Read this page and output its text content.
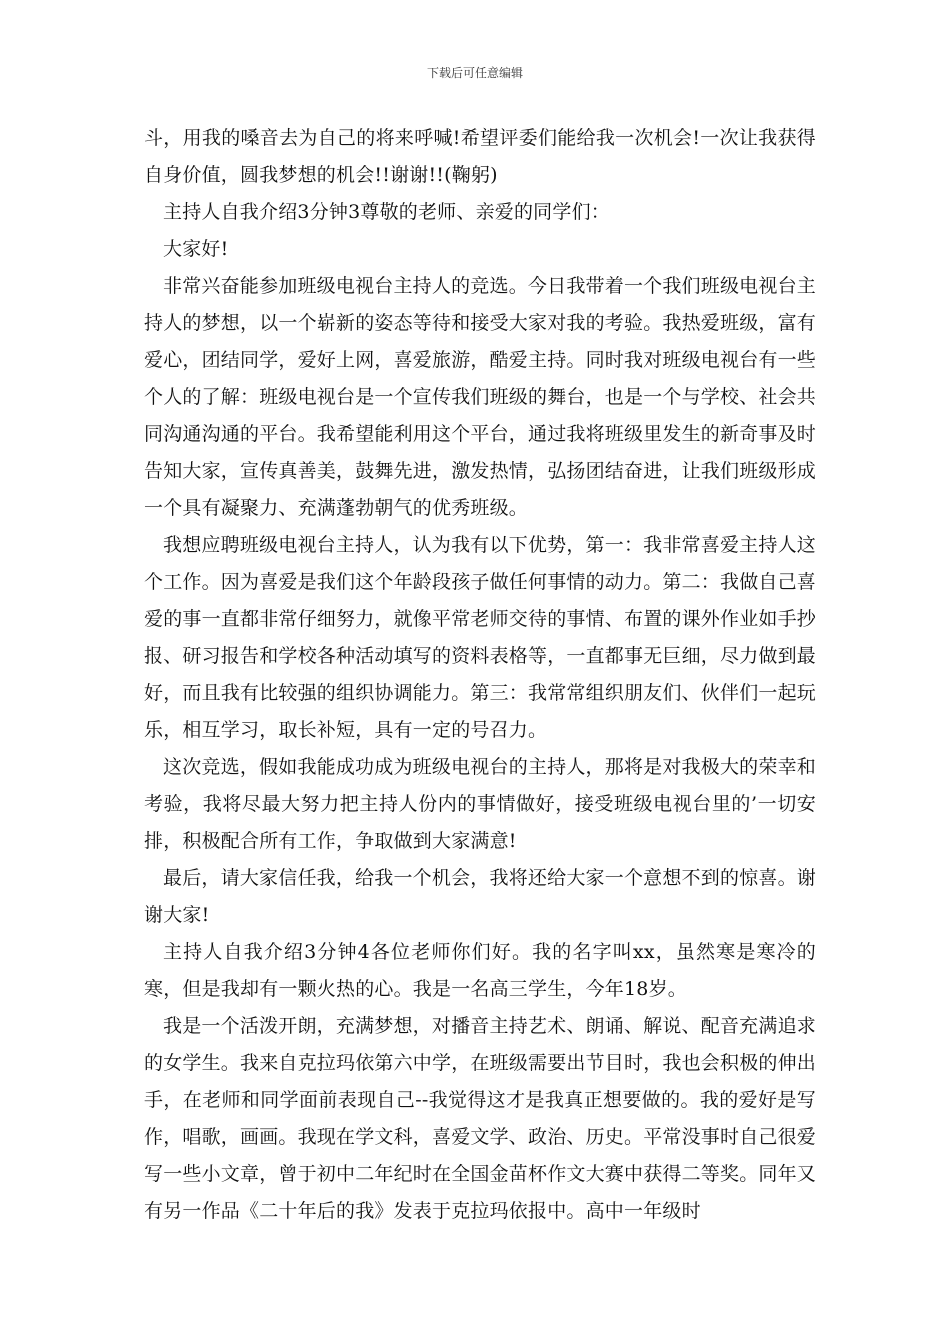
下载后可任意编辑

斗，用我的嗓音去为自己的将来呼喊!希望评委们能给我一次机会!一次让我获得自身价值，圆我梦想的机会!!谢谢!!(鞠躬)

主持人自我介绍3分钟3尊敬的老师、亲爱的同学们：

大家好!

非常兴奋能参加班级电视台主持人的竞选。今日我带着一个我们班级电视台主持人的梦想，以一个崭新的姿态等待和接受大家对我的考验。我热爱班级，富有爱心，团结同学，爱好上网，喜爱旅游，酷爱主持。同时我对班级电视台有一些个人的了解：班级电视台是一个宣传我们班级的舞台，也是一个与学校、社会共同沟通沟通的平台。我希望能利用这个平台，通过我将班级里发生的新奇事及时告知大家，宣传真善美，鼓舞先进，激发热情，弘扬团结奋进，让我们班级形成一个具有凝聚力、充满蓬勃朝气的优秀班级。

我想应聘班级电视台主持人，认为我有以下优势，第一：我非常喜爱主持人这个工作。因为喜爱是我们这个年龄段孩子做任何事情的动力。第二：我做自己喜爱的事一直都非常仔细努力，就像平常老师交待的事情、布置的课外作业如手抄报、研习报告和学校各种活动填写的资料表格等，一直都事无巨细，尽力做到最好，而且我有比较强的组织协调能力。第三：我常常组织朋友们、伙伴们一起玩乐，相互学习，取长补短，具有一定的号召力。

这次竞选，假如我能成功成为班级电视台的主持人，那将是对我极大的荣幸和考验，我将尽最大努力把主持人份内的事情做好，接受班级电视台里的’一切安排，积极配合所有工作，争取做到大家满意!

最后，请大家信任我，给我一个机会，我将还给大家一个意想不到的惊喜。谢谢大家!

主持人自我介绍3分钟4各位老师你们好。我的名字叫xx，虽然寒是寒冷的寒，但是我却有一颗火热的心。我是一名高三学生，今年18岁。

我是一个活泼开朗，充满梦想，对播音主持艺术、朗诵、解说、配音充满追求的女学生。我来自克拉玛依第六中学，在班级需要出节目时，我也会积极的伸出手，在老师和同学面前表现自己--我觉得这才是我真正想要做的。我的爱好是写作，唱歌，画画。我现在学文科，喜爱文学、政治、历史。平常没事时自己很爱写一些小文章，曾于初中二年纪时在全国金苗杯作文大赛中获得二等奖。同年又有另一作品《二十年后的我》发表于克拉玛依报中。高中一年级时
